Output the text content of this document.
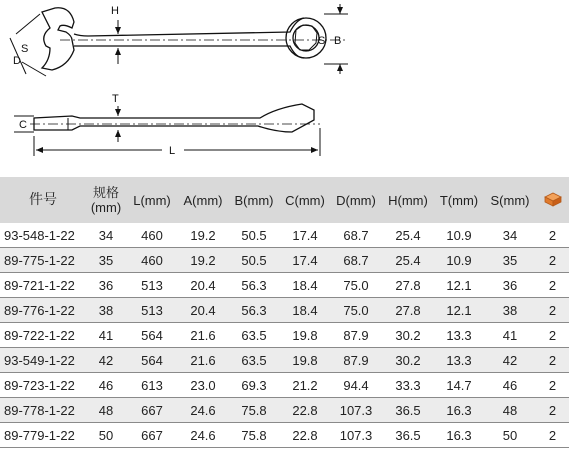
H
S
D
S B
T
C
L
件号	规格
(mm)	L(mm)	A(mm)	B(mm)	C(mm)	D(mm)	H(mm)	T(mm)	S(mm)	
93-548-1-22	34	460	19.2	50.5	17.4	68.7	25.4	10.9	34	2
89-775-1-22	35	460	19.2	50.5	17.4	68.7	25.4	10.9	35	2
89-721-1-22	36	513	20.4	56.3	18.4	75.0	27.8	12.1	36	2
89-776-1-22	38	513	20.4	56.3	18.4	75.0	27.8	12.1	38	2
89-722-1-22	41	564	21.6	63.5	19.8	87.9	30.2	13.3	41	2
93-549-1-22	42	564	21.6	63.5	19.8	87.9	30.2	13.3	42	2
89-723-1-22	46	613	23.0	69.3	21.2	94.4	33.3	14.7	46	2
89-778-1-22	48	667	24.6	75.8	22.8	107.3	36.5	16.3	48	2
89-779-1-22	50	667	24.6	75.8	22.8	107.3	36.5	16.3	50	2
